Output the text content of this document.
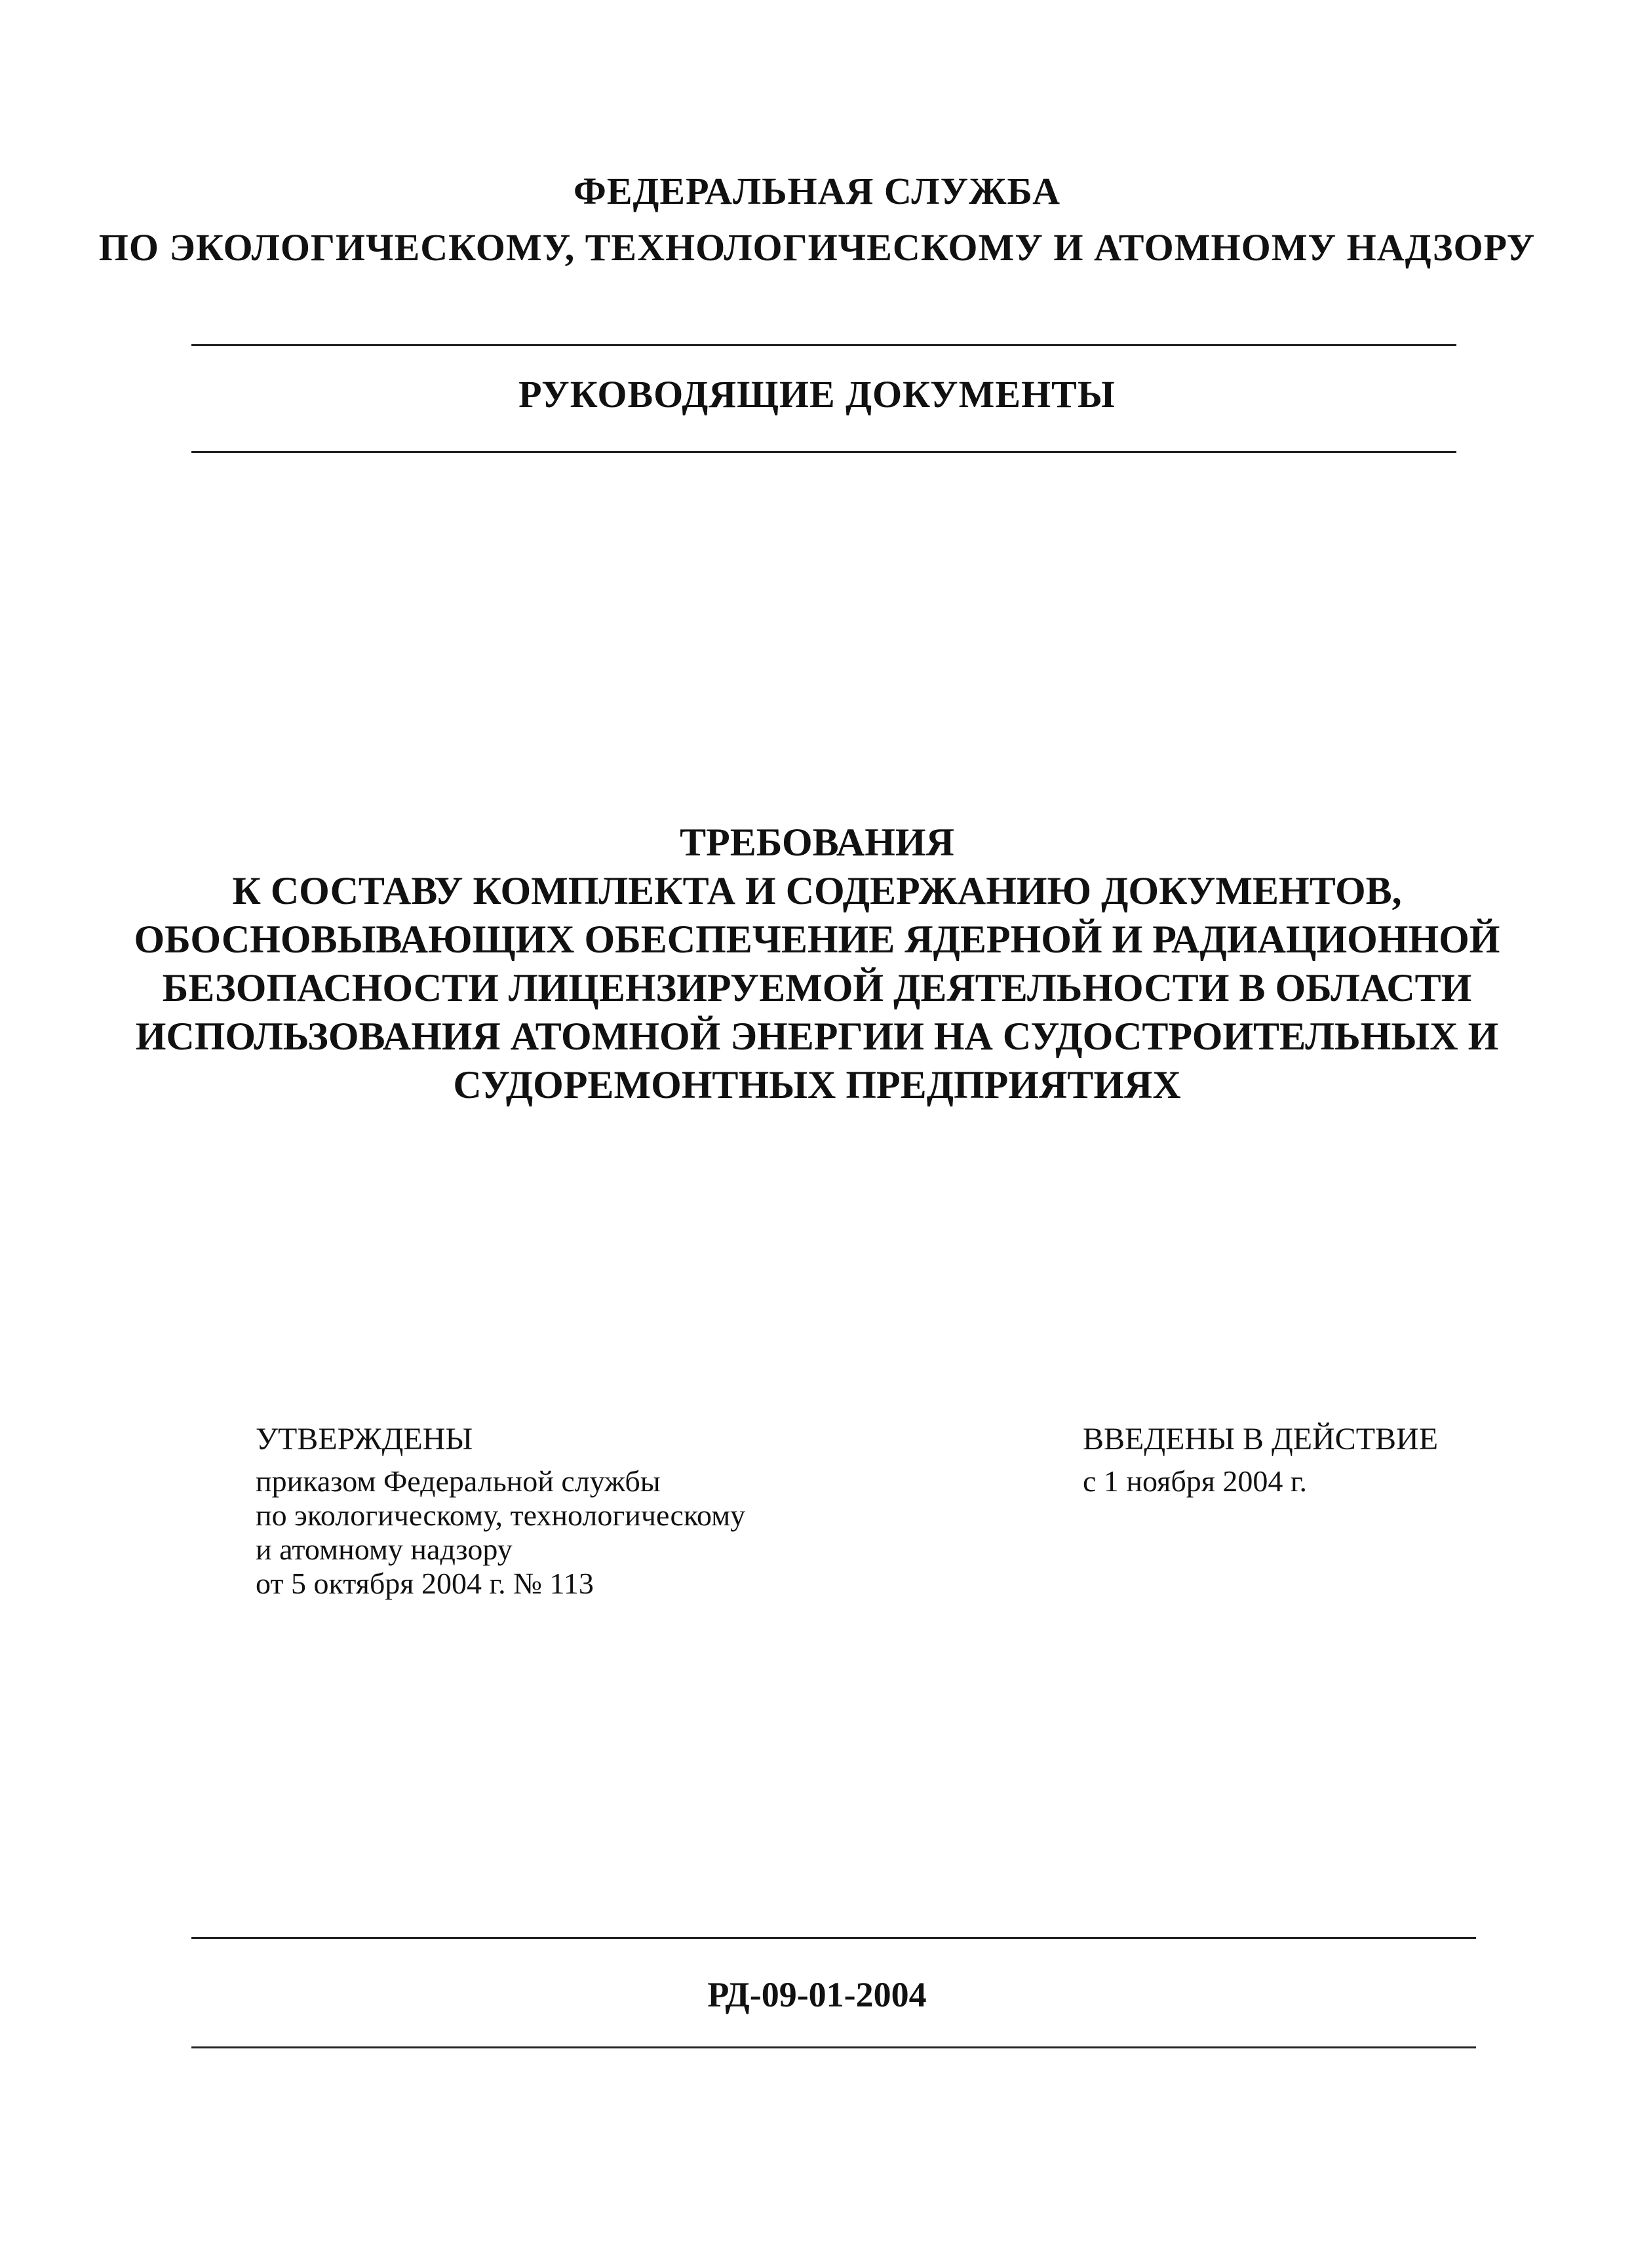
ФЕДЕРАЛЬНАЯ СЛУЖБА
ПО ЭКОЛОГИЧЕСКОМУ, ТЕХНОЛОГИЧЕСКОМУ И АТОМНОМУ НАДЗОРУ
РУКОВОДЯЩИЕ ДОКУМЕНТЫ
ТРЕБОВАНИЯ
К СОСТАВУ КОМПЛЕКТА И СОДЕРЖАНИЮ ДОКУМЕНТОВ,
ОБОСНОВЫВАЮЩИХ ОБЕСПЕЧЕНИЕ ЯДЕРНОЙ И РАДИАЦИОННОЙ
БЕЗОПАСНОСТИ ЛИЦЕНЗИРУЕМОЙ ДЕЯТЕЛЬНОСТИ В ОБЛАСТИ
ИСПОЛЬЗОВАНИЯ АТОМНОЙ ЭНЕРГИИ НА СУДОСТРОИТЕЛЬНЫХ И
СУДОРЕМОНТНЫХ ПРЕДПРИЯТИЯХ
УТВЕРЖДЕНЫ
приказом Федеральной службы
по экологическому, технологическому
и атомному надзору
от 5 октября 2004 г. № 113
ВВЕДЕНЫ В ДЕЙСТВИЕ
с 1 ноября 2004 г.
РД-09-01-2004
